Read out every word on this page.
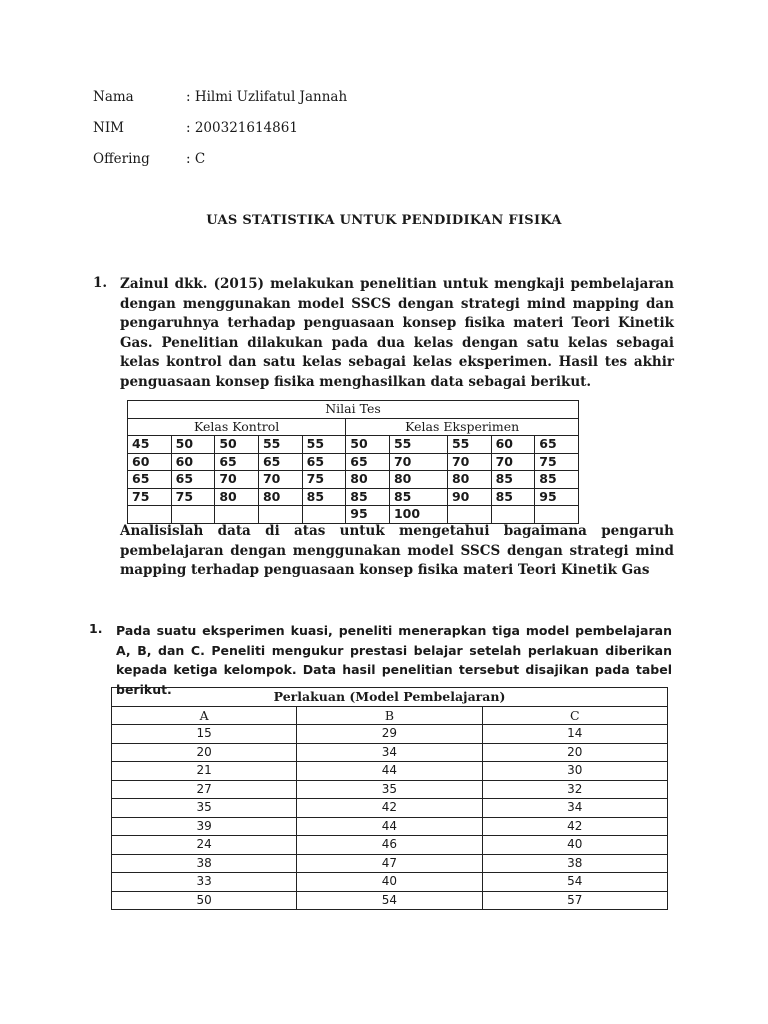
Nama	: Hilmi Uzlifatul Jannah
NIM	: 200321614861
Offering	: C
UAS STATISTIKA UNTUK PENDIDIKAN FISIKA
1. Zainul dkk. (2015) melakukan penelitian untuk mengkaji pembelajaran dengan menggunakan model SSCS dengan strategi mind mapping dan pengaruhnya terhadap penguasaan konsep fisika materi Teori Kinetik Gas. Penelitian dilakukan pada dua kelas dengan satu kelas sebagai kelas kontrol dan satu kelas sebagai kelas eksperimen. Hasil tes akhir penguasaan konsep fisika menghasilkan data sebagai berikut.
Nilai Tes									
Kelas Kontrol					Kelas Eksperimen				
45	50	50	55	55	50	55	55	60	65
60	60	65	65	65	65	70	70	70	75
65	65	70	70	75	80	80	80	85	85
75	75	80	80	85	85	85	90	85	95
					95	100			
Analisislah data di atas untuk mengetahui bagaimana pengaruh pembelajaran dengan menggunakan model SSCS dengan strategi mind mapping terhadap penguasaan konsep fisika materi Teori Kinetik Gas
1. Pada suatu eksperimen kuasi, peneliti menerapkan tiga model pembelajaran A, B, dan C. Peneliti mengukur prestasi belajar setelah perlakuan diberikan kepada ketiga kelompok. Data hasil penelitian tersebut disajikan pada tabel berikut.
Perlakuan (Model Pembelajaran)		
A	B	C
15	29	14
20	34	20
21	44	30
27	35	32
35	42	34
39	44	42
24	46	40
38	47	38
33	40	54
50	54	57
